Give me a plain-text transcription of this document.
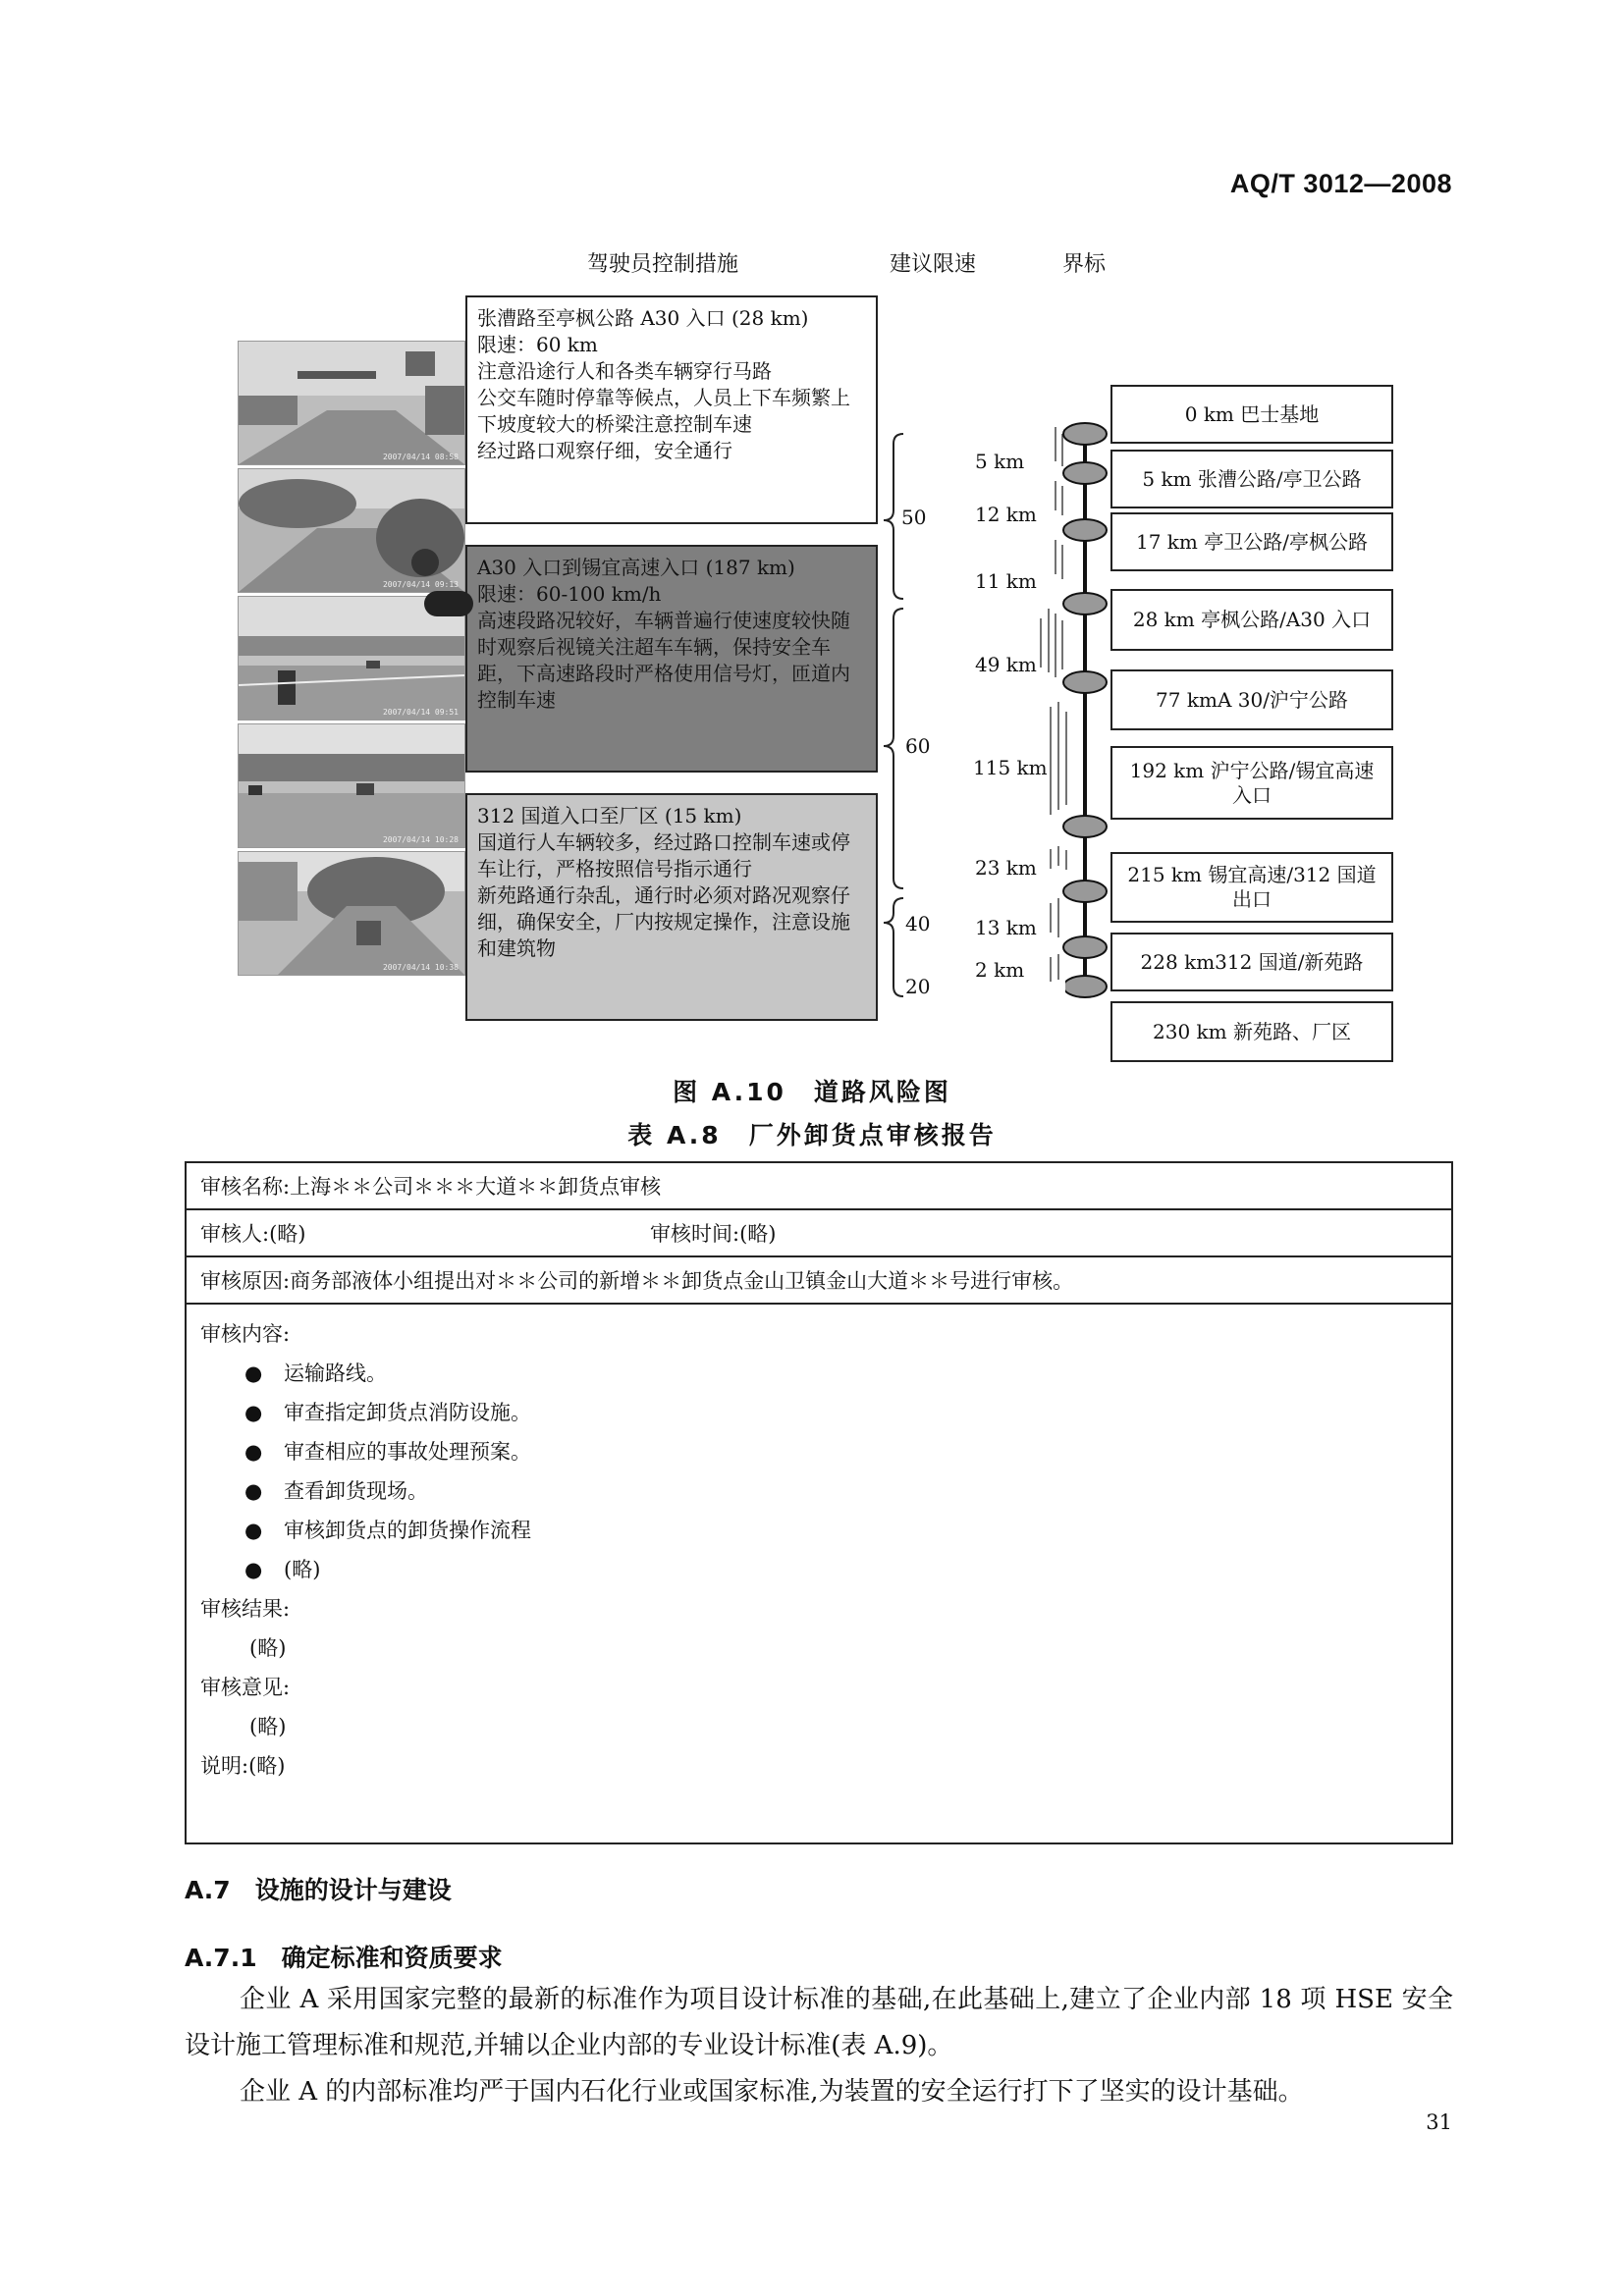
AQ/T 3012—2008
驾驶员控制措施	建议限速	界标
2007/04/14 08:58
2007/04/14 09:13
2007/04/14 09:51
2007/04/14 10:28
2007/04/14 10:38
张漕路至亭枫公路 A30 入口 (28 km)
限速：60 km
注意沿途行人和各类车辆穿行马路
公交车随时停靠等候点，人员上下车频繁上下坡度较大的桥梁注意控制车速
经过路口观察仔细，安全通行
A30 入口到锡宜高速入口 (187 km)
限速：60-100 km/h
高速段路况较好，车辆普遍行使速度较快随时观察后视镜关注超车车辆，保持安全车距，下高速路段时严格使用信号灯，匝道内控制车速
312 国道入口至厂区 (15 km)
国道行人车辆较多，经过路口控制车速或停车让行，严格按照信号指示通行
新苑路通行杂乱，通行时必须对路况观察仔细，确保安全，厂内按规定操作，注意设施和建筑物
50
60
40
20
5 km
12 km
11 km
49 km
115 km
23 km
13 km
2 km
0 km 巴士基地
5 km 张漕公路/亭卫公路
17 km 亭卫公路/亭枫公路
28 km 亭枫公路/A30 入口
77 kmA 30/沪宁公路
192 km 沪宁公路/锡宜高速入口
215 km 锡宜高速/312 国道出口
228 km312 国道/新苑路
230 km 新苑路、厂区
图 A.10　道路风险图
表 A.8　厂外卸货点审核报告
审核名称:上海＊＊公司＊＊＊大道＊＊卸货点审核
审核人:(略)	审核时间:(略)
审核原因:商务部液体小组提出对＊＊公司的新增＊＊卸货点金山卫镇金山大道＊＊号进行审核。

审核内容:
● 运输路线。
● 审查指定卸货点消防设施。
● 审查相应的事故处理预案。
● 查看卸货现场。
● 审核卸货点的卸货操作流程
● (略)
审核结果:
(略)
审核意见:
(略)
说明:(略)
A.7　设施的设计与建设
A.7.1　确定标准和资质要求
企业 A 采用国家完整的最新的标准作为项目设计标准的基础,在此基础上,建立了企业内部 18 项 HSE 安全设计施工管理标准和规范,并辅以企业内部的专业设计标准(表 A.9)。
企业 A 的内部标准均严于国内石化行业或国家标准,为装置的安全运行打下了坚实的设计基础。
31
